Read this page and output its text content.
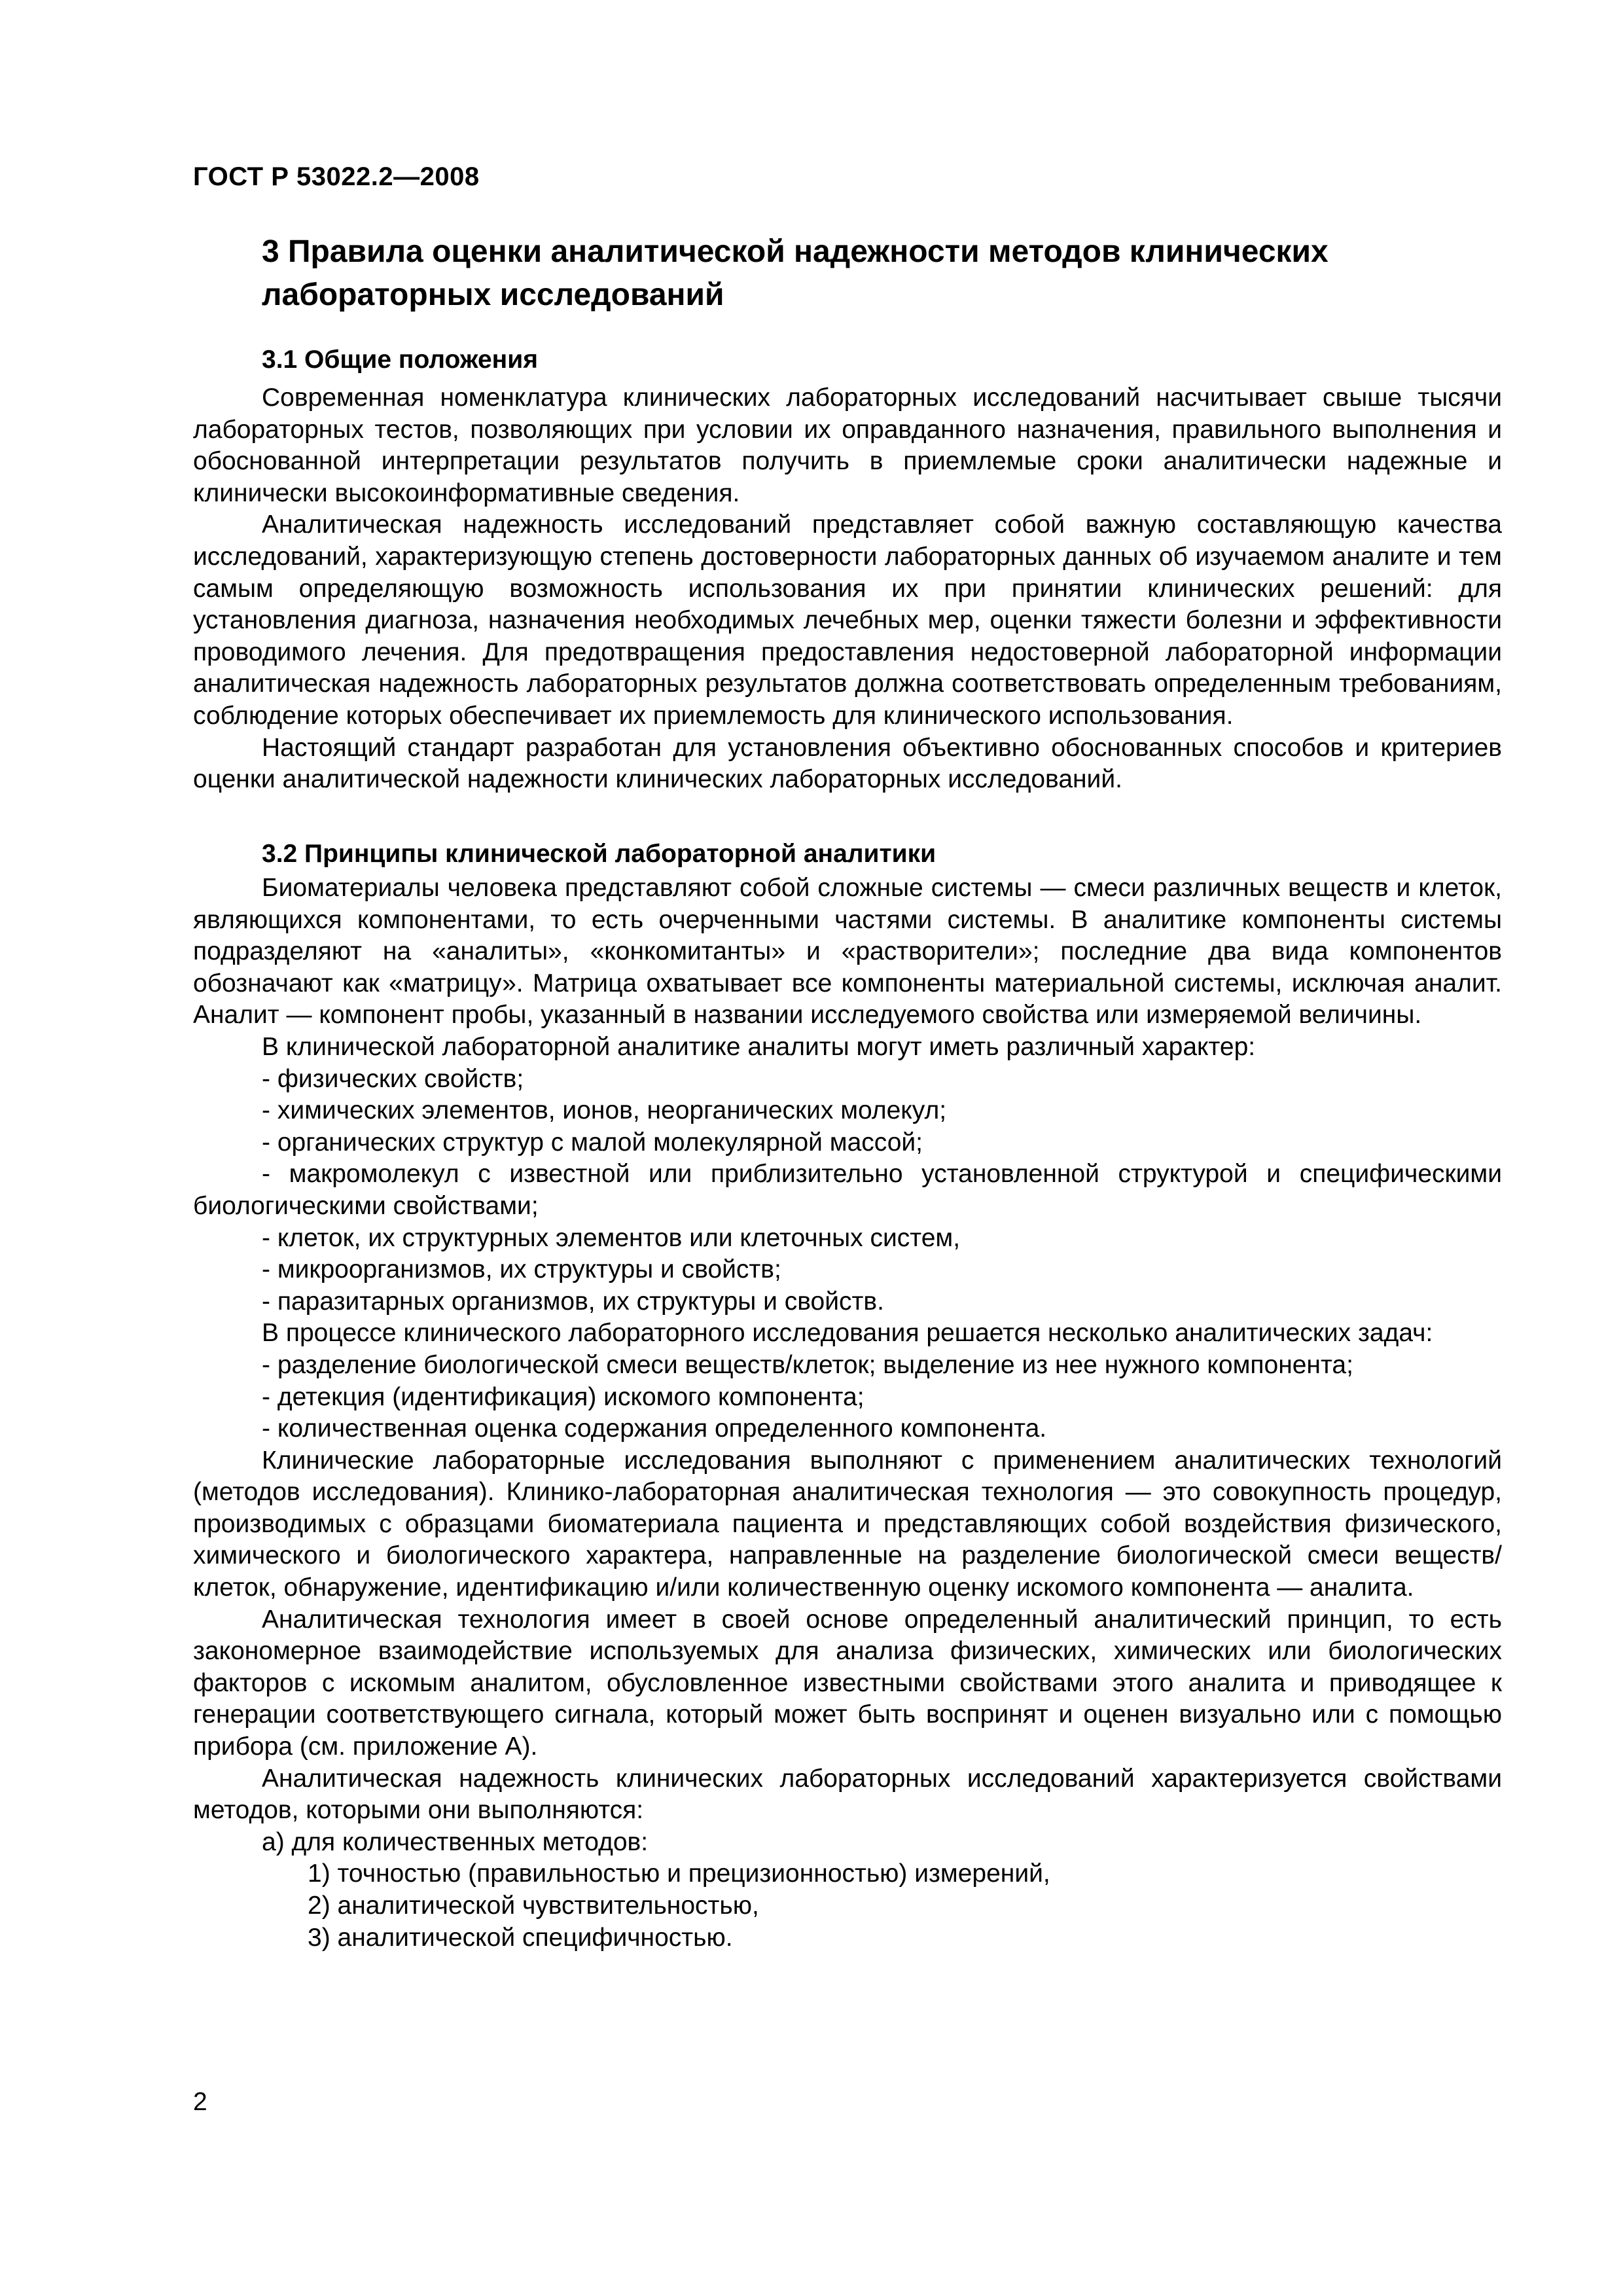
ГОСТ Р 53022.2—2008
3 Правила оценки аналитической надежности методов клинических лабораторных исследований
3.1 Общие положения

Современная номенклатура клинических лабораторных исследований насчитывает свыше тысячи лабораторных тестов, позволяющих при условии их оправданного назначения, правильного выполнения и обоснованной интерпретации результатов получить в приемлемые сроки аналитически надежные и клинически высокоинформативные сведения.

Аналитическая надежность исследований представляет собой важную составляющую качества исследований, характеризующую степень достоверности лабораторных данных об изучаемом аналите и тем самым определяющую возможность использования их при принятии клинических решений: для установления диагноза, назначения необходимых лечебных мер, оценки тяжести болезни и эффективности проводимого лечения. Для предотвращения предоставления недостоверной лабораторной информации аналитическая надежность лабораторных результатов должна соответствовать определенным требованиям, соблюдение которых обеспечивает их приемлемость для клинического использования.

Настоящий стандарт разработан для установления объективно обоснованных способов и критериев оценки аналитической надежности клинических лабораторных исследований.

3.2 Принципы клинической лабораторной аналитики

Биоматериалы человека представляют собой сложные системы — смеси различных веществ и клеток, являющихся компонентами, то есть очерченными частями системы. В аналитике компоненты системы подразделяют на «аналиты», «конкомитанты» и «растворители»; последние два вида компонентов обозначают как «матрицу». Матрица охватывает все компоненты материальной системы, исключая аналит. Аналит — компонент пробы, указанный в названии исследуемого свойства или измеряемой величины.

В клинической лабораторной аналитике аналиты могут иметь различный характер:

- физических свойств;

- химических элементов, ионов, неорганических молекул;

- органических структур с малой молекулярной массой;

- макромолекул с известной или приблизительно установленной структурой и специфическими биологическими свойствами;

- клеток, их структурных элементов или клеточных систем,

- микроорганизмов, их структуры и свойств;

- паразитарных организмов, их структуры и свойств.

В процессе клинического лабораторного исследования решается несколько аналитических задач:

- разделение биологической смеси веществ/клеток; выделение из нее нужного компонента;

- детекция (идентификация) искомого компонента;

- количественная оценка содержания определенного компонента.

Клинические лабораторные исследования выполняют с применением аналитических технологий (методов исследования). Клинико-лабораторная аналитическая технология — это совокупность процедур, производимых с образцами биоматериала пациента и представляющих собой воздействия физического, химического и биологического характера, направленные на разделение биологической смеси веществ/клеток, обнаружение, идентификацию и/или количественную оценку искомого компонента — аналита.

Аналитическая технология имеет в своей основе определенный аналитический принцип, то есть закономерное взаимодействие используемых для анализа физических, химических или биологических факторов с искомым аналитом, обусловленное известными свойствами этого аналита и приводящее к генерации соответствующего сигнала, который может быть воспринят и оценен визуально или с помощью прибора (см. приложение А).

Аналитическая надежность клинических лабораторных исследований характеризуется свойствами методов, которыми они выполняются:

а) для количественных методов:

1) точностью (правильностью и прецизионностью) измерений,

2) аналитической чувствительностью,

3) аналитической специфичностью.

2
